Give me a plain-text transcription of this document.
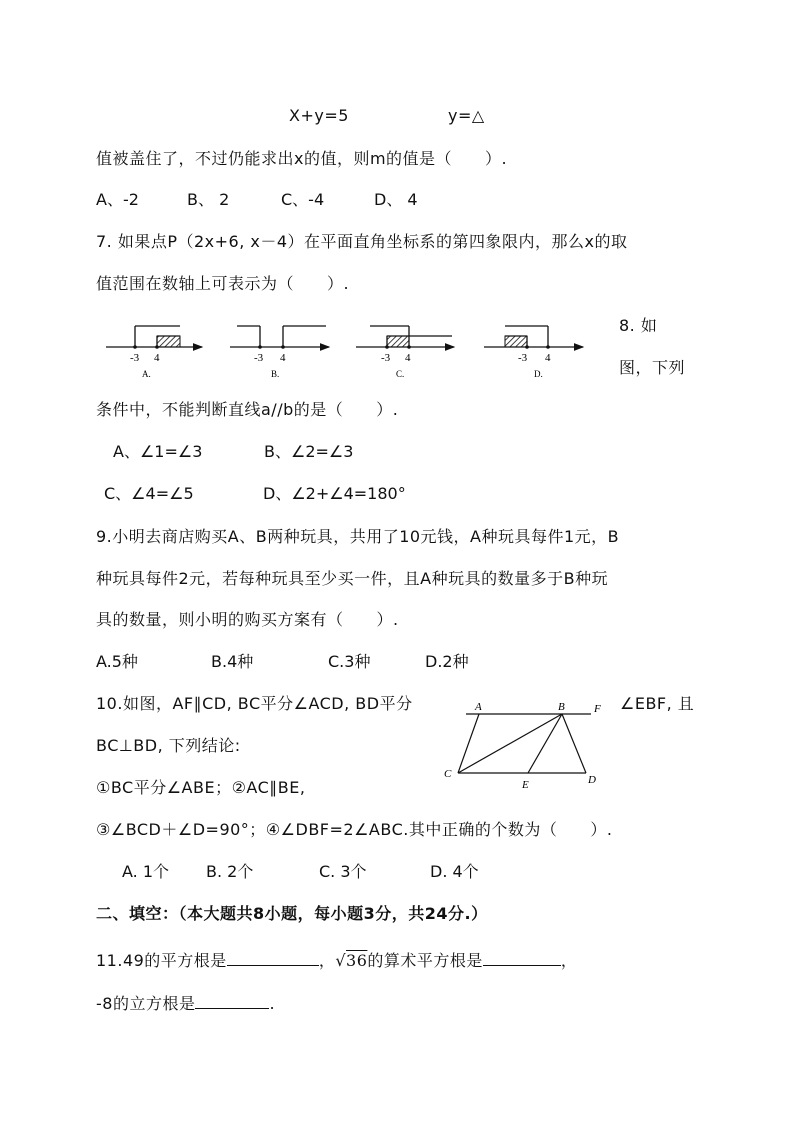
X+y=5	y=△
值被盖住了，不过仍能求出x的值，则m的值是（　　）.
A、-2	B、 2	C、-4	D、 4
7. 如果点P（2x+6, x－4）在平面直角坐标系的第四象限内，那么x的取
值范围在数轴上可表示为（　　）.
-3 4
A.
-3 4
B.
-3 4
C.
-3 4
D.
8. 如
图，下列
条件中，不能判断直线a//b的是（　　）.
A、∠1=∠3	B、∠2=∠3
C、∠4=∠5	D、∠2+∠4=180°
9.小明去商店购买A、B两种玩具，共用了10元钱，A种玩具每件1元，B
种玩具每件2元，若每种玩具至少买一件，且A种玩具的数量多于B种玩
具的数量，则小明的购买方案有（　　）.
A.5种	B.4种	C.3种	D.2种
10.如图，AF∥CD, BC平分∠ACD, BD平分	∠EBF, 且
BC⊥BD, 下列结论:
①BC平分∠ABE；②AC∥BE,
③∠BCD＋∠D=90°；④∠DBF=2∠ABC.其中正确的个数为（　　）.
A	B	F
C
E	D
A. 1个 B. 2个	C. 3个	D. 4个
二、填空：（本大题共8小题，每小题3分，共24分.）
11.49的平方根是	，√36的算术平方根是	，
-8的立方根是	.
